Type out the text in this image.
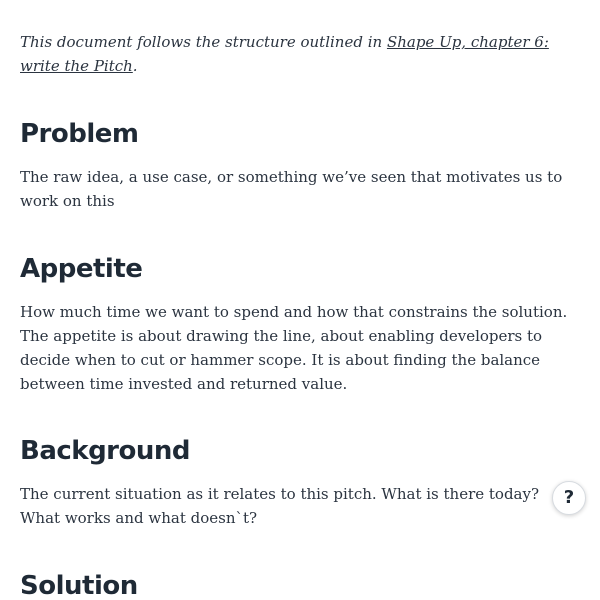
This document follows the structure outlined in Shape Up, chapter 6: write the Pitch.

Problem

The raw idea, a use case, or something we’ve seen that motivates us to work on this

Appetite

How much time we want to spend and how that constrains the solution. The appetite is about drawing the line, about enabling developers to decide when to cut or hammer scope. It is about finding the balance between time invested and returned value.

Background

The current situation as it relates to this pitch. What is there today? What works and what doesn`t?

Solution
?
